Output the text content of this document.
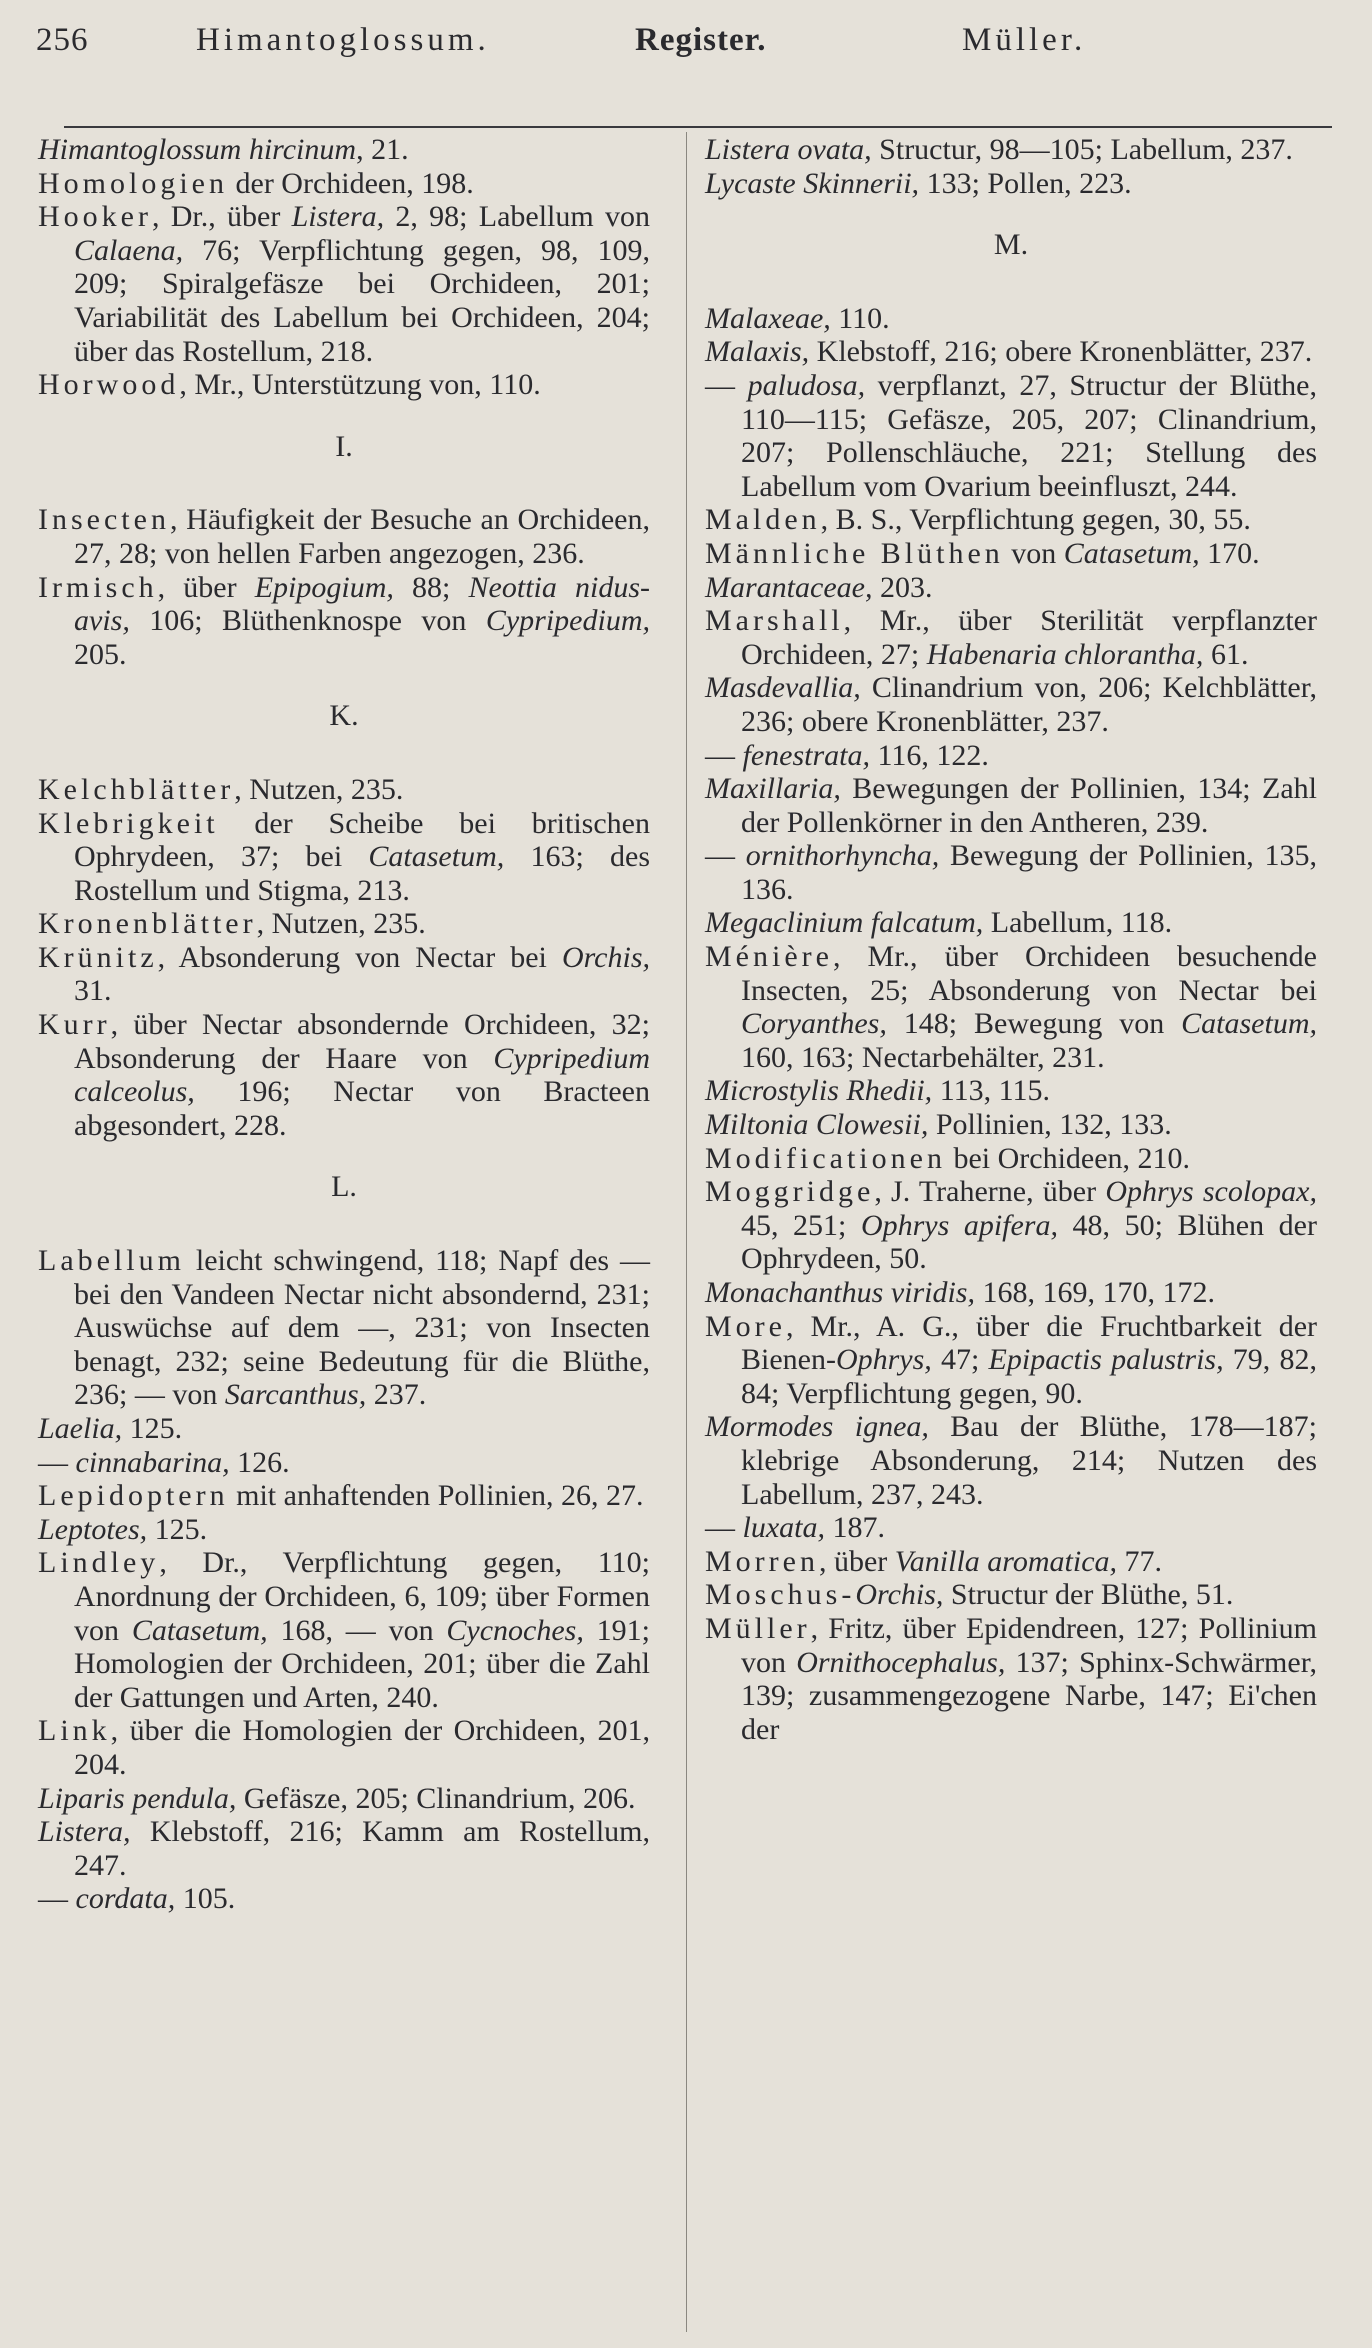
256	Himantoglossum.	Register.	Müller.
Himantoglossum hircinum, 21.
Homologien der Orchideen, 198.
Hooker, Dr., über Listera, 2, 98; Labellum von Calaena, 76; Verpflichtung gegen, 98, 109, 209; Spiralgefäsze bei Orchideen, 201; Variabilität des Labellum bei Orchideen, 204; über das Rostellum, 218.
Horwood, Mr., Unterstützung von, 110.
I.
Insecten, Häufigkeit der Besuche an Orchideen, 27, 28; von hellen Farben angezogen, 236.
Irmisch, über Epipogium, 88; Neottia nidus-avis, 106; Blüthenknospe von Cypripedium, 205.
K.
Kelchblätter, Nutzen, 235.
Klebrigkeit der Scheibe bei britischen Ophrydeen, 37; bei Catasetum, 163; des Rostellum und Stigma, 213.
Kronenblätter, Nutzen, 235.
Krünitz, Absonderung von Nectar bei Orchis, 31.
Kurr, über Nectar absondernde Orchideen, 32; Absonderung der Haare von Cypripedium calceolus, 196; Nectar von Bracteen abgesondert, 228.
L.
Labellum leicht schwingend, 118; Napf des — bei den Vandeen Nectar nicht absondernd, 231; Auswüchse auf dem —, 231; von Insecten benagt, 232; seine Bedeutung für die Blüthe, 236; — von Sarcanthus, 237.
Laelia, 125.
— cinnabarina, 126.
Lepidoptern mit anhaftenden Pollinien, 26, 27.
Leptotes, 125.
Lindley, Dr., Verpflichtung gegen, 110; Anordnung der Orchideen, 6, 109; über Formen von Catasetum, 168, — von Cycnoches, 191; Homologien der Orchideen, 201; über die Zahl der Gattungen und Arten, 240.
Link, über die Homologien der Orchideen, 201, 204.
Liparis pendula, Gefäsze, 205; Clinandrium, 206.
Listera, Klebstoff, 216; Kamm am Rostellum, 247.
— cordata, 105.
Listera ovata, Structur, 98—105; Labellum, 237.
Lycaste Skinnerii, 133; Pollen, 223.
M.
Malaxeae, 110.
Malaxis, Klebstoff, 216; obere Kronenblätter, 237.
— paludosa, verpflanzt, 27, Structur der Blüthe, 110—115; Gefäsze, 205, 207; Clinandrium, 207; Pollenschläuche, 221; Stellung des Labellum vom Ovarium beeinfluszt, 244.
Malden, B. S., Verpflichtung gegen, 30, 55.
Männliche Blüthen von Catasetum, 170.
Marantaceae, 203.
Marshall, Mr., über Sterilität verpflanzter Orchideen, 27; Habenaria chlorantha, 61.
Masdevallia, Clinandrium von, 206; Kelchblätter, 236; obere Kronenblätter, 237.
— fenestrata, 116, 122.
Maxillaria, Bewegungen der Pollinien, 134; Zahl der Pollenkörner in den Antheren, 239.
— ornithorhyncha, Bewegung der Pollinien, 135, 136.
Megaclinium falcatum, Labellum, 118.
Ménière, Mr., über Orchideen besuchende Insecten, 25; Absonderung von Nectar bei Coryanthes, 148; Bewegung von Catasetum, 160, 163; Nectarbehälter, 231.
Microstylis Rhedii, 113, 115.
Miltonia Clowesii, Pollinien, 132, 133.
Modificationen bei Orchideen, 210.
Moggridge, J. Traherne, über Ophrys scolopax, 45, 251; Ophrys apifera, 48, 50; Blühen der Ophrydeen, 50.
Monachanthus viridis, 168, 169, 170, 172.
More, Mr., A. G., über die Fruchtbarkeit der Bienen-Ophrys, 47; Epipactis palustris, 79, 82, 84; Verpflichtung gegen, 90.
Mormodes ignea, Bau der Blüthe, 178—187; klebrige Absonderung, 214; Nutzen des Labellum, 237, 243.
— luxata, 187.
Morren, über Vanilla aromatica, 77.
Moschus-Orchis, Structur der Blüthe, 51.
Müller, Fritz, über Epidendreen, 127; Pollinium von Ornithocephalus, 137; Sphinx-Schwärmer, 139; zusammengezogene Narbe, 147; Ei'chen der
